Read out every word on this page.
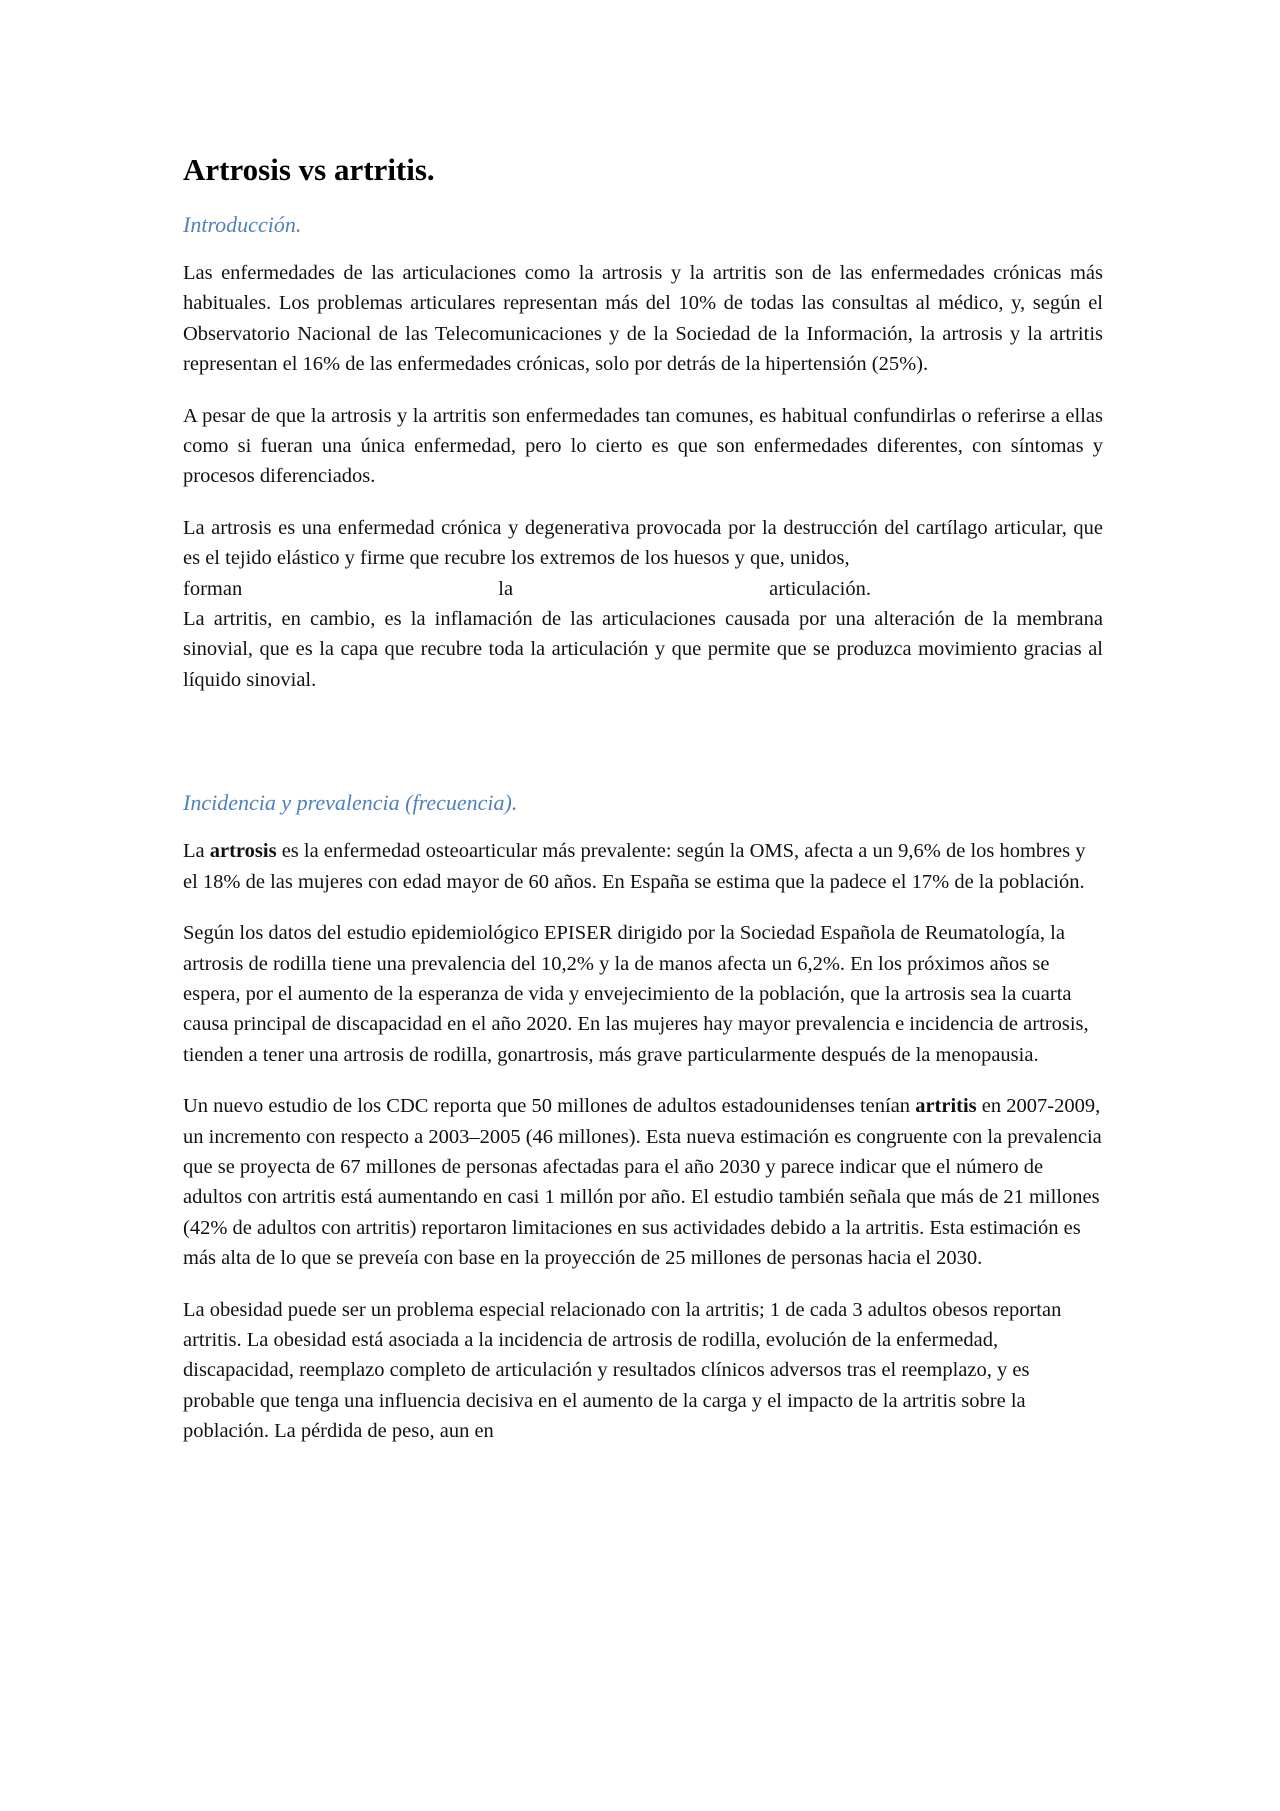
Artrosis vs artritis.
Introducción.

Las enfermedades de las articulaciones como la artrosis y la artritis son de las enfermedades crónicas más habituales. Los problemas articulares representan más del 10% de todas las consultas al médico, y, según el Observatorio Nacional de las Telecomunicaciones y de la Sociedad de la Información, la artrosis y la artritis representan el 16% de las enfermedades crónicas, solo por detrás de la hipertensión (25%).

A pesar de que la artrosis y la artritis son enfermedades tan comunes, es habitual confundirlas o referirse a ellas como si fueran una única enfermedad, pero lo cierto es que son enfermedades diferentes, con síntomas y procesos diferenciados.

La artrosis es una enfermedad crónica y degenerativa provocada por la destrucción del cartílago articular, que es el tejido elástico y firme que recubre los extremos de los huesos y que, unidos,
forman	la	articulación.

La artritis, en cambio, es la inflamación de las articulaciones causada por una alteración de la membrana sinovial, que es la capa que recubre toda la articulación y que permite que se produzca movimiento gracias al líquido sinovial.

Incidencia y prevalencia (frecuencia).

La artrosis es la enfermedad osteoarticular más prevalente: según la OMS, afecta a un 9,6% de los hombres y el 18% de las mujeres con edad mayor de 60 años. En España se estima que la padece el 17% de la población.

Según los datos del estudio epidemiológico EPISER dirigido por la Sociedad Española de Reumatología, la artrosis de rodilla tiene una prevalencia del 10,2% y la de manos afecta un 6,2%. En los próximos años se espera, por el aumento de la esperanza de vida y envejecimiento de la población, que la artrosis sea la cuarta causa principal de discapacidad en el año 2020. En las mujeres hay mayor prevalencia e incidencia de artrosis, tienden a tener una artrosis de rodilla, gonartrosis, más grave particularmente después de la menopausia.

Un nuevo estudio de los CDC reporta que 50 millones de adultos estadounidenses tenían artritis en 2007-2009, un incremento con respecto a 2003–2005 (46 millones). Esta nueva estimación es congruente con la prevalencia que se proyecta de 67 millones de personas afectadas para el año 2030 y parece indicar que el número de adultos con artritis está aumentando en casi 1 millón por año. El estudio también señala que más de 21 millones (42% de adultos con artritis) reportaron limitaciones en sus actividades debido a la artritis. Esta estimación es más alta de lo que se preveía con base en la proyección de 25 millones de personas hacia el 2030.

La obesidad puede ser un problema especial relacionado con la artritis; 1 de cada 3 adultos obesos reportan artritis. La obesidad está asociada a la incidencia de artrosis de rodilla, evolución de la enfermedad, discapacidad, reemplazo completo de articulación y resultados clínicos adversos tras el reemplazo, y es probable que tenga una influencia decisiva en el aumento de la carga y el impacto de la artritis sobre la población. La pérdida de peso, aun en
